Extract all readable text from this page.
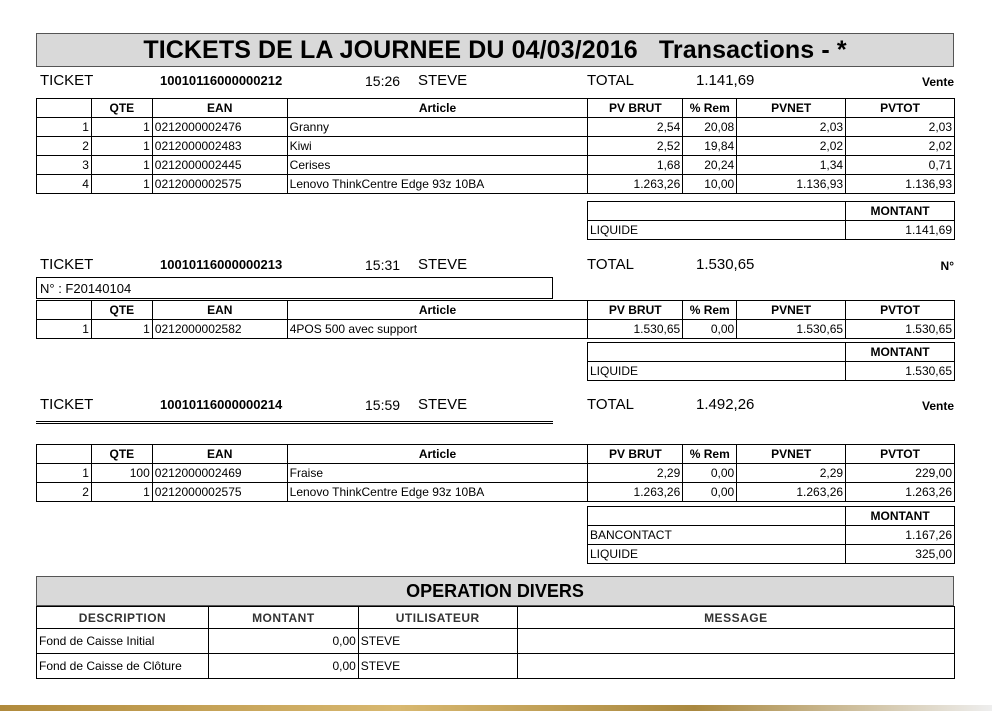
TICKETS DE LA JOURNEE DU 04/03/2016
Transactions - *
TICKET	10010116000000212	15:26 STEVE	TOTAL	1.141,69	Vente
	QTE	EAN	Article	PV BRUT	% Rem	PVNET	PVTOT
1	1	0212000002476	Granny	2,54	20,08	2,03	2,03
2	1	0212000002483	Kiwi	2,52	19,84	2,02	2,02
3	1	0212000002445	Cerises	1,68	20,24	1,34	0,71
4	1	0212000002575	Lenovo ThinkCentre Edge 93z 10BA	1.263,26	10,00	1.136,93	1.136,93
	MONTANT
LIQUIDE	1.141,69
TICKET	10010116000000213	15:31 STEVE	TOTAL	1.530,65	N°
N° : F20140104
	QTE	EAN	Article	PV BRUT	% Rem	PVNET	PVTOT
1	1	0212000002582	4POS 500 avec support	1.530,65	0,00	1.530,65	1.530,65
	MONTANT
LIQUIDE	1.530,65
TICKET	10010116000000214	15:59 STEVE	TOTAL	1.492,26	Vente
	QTE	EAN	Article	PV BRUT	% Rem	PVNET	PVTOT
1	100	0212000002469	Fraise	2,29	0,00	2,29	229,00
2	1	0212000002575	Lenovo ThinkCentre Edge 93z 10BA	1.263,26	0,00	1.263,26	1.263,26
	MONTANT
BANCONTACT	1.167,26
LIQUIDE	325,00
OPERATION DIVERS
DESCRIPTION	MONTANT	UTILISATEUR	MESSAGE
Fond de Caisse Initial	0,00	STEVE	
Fond de Caisse de Clôture	0,00	STEVE	
